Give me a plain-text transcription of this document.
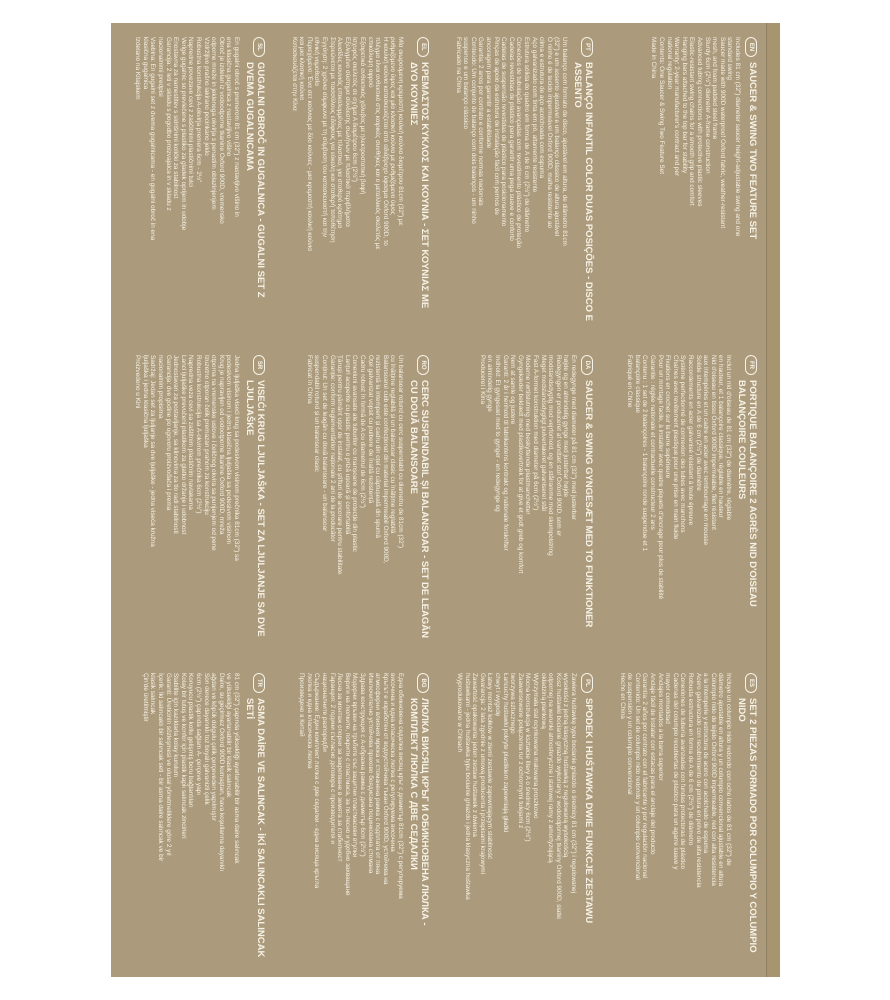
EN
SAUCER & SWING TWO FEATURE SET
Includes 81 cm (32") diameter saucer height-adjustable swing and one
standard swing
Saucer made with 900D waterproof Oxford fabric, weather-resistant
mesh, and foam padded steel frame
Sturdy 6cm (2½") diameter A-frame construction
Advanced tubing connections with protective plastic sleeves
Elastic-resistant swing chains for a smooth grip and comfort
Hanging bars attached to the top bar for stability
Warranty: 2-year manufacturer's contract and per
national regulation
Contents: One Saucer & Swing Two Feature Set
Made in China
FR
PORTIQUE BALANÇOIRE 2 AGRÈS NID D'OISEAU BALANÇOIRE COULEURS
Inclut un nid d'oiseau de 81 cm (32") de diamètre, réglable
en hauteur, et 1 balançoire classique, réglable en hauteur
Nid d'oiseau en tissu Oxford 900D imperméable, filet résistant
aux intempéries et un cadre en acier avec rembourrage en mousse
Solide structure en A de 6 cm (2½") de diamètre
Raccordements en acier galvanisé résistant à toute épreuve
Système perfectionné de connexion des tubes avec manchons
Chaînes avec revêtement plastique pour une prise en main fluide
Fixations en crochet sur la barre supérieure
Pour un montage facile, à installer avec quatre piquets d'ancrage pour plus de stabilité
Garantie : réglée nationale et contractuelle constructeur 2 ans
Contenu : 1 set de 2 balançoires - 1 balançoire ronde suspendue et 1
balançoire classique
Fabriqué en Chine
ES
SET 2 PIEZAS FORMADO POR COLUMPIO Y COLUMPIO NIDO
Incluye un columpio nido redondo con ocho lados de 81 cm (32") de
diámetro ajustable en altura y un columpio convencional ajustable en altura
Columpio nido de tejido Oxford 900D impermeable, red con alta resistencia
a la intemperie y estructura de acero con acolchado de espuma
Acero galvanizado con recubrimiento de pintura en polvo de alta resistencia
Robusta estructura en forma de A de 6 cm (2½") de diámetro
Conexiones de tubería avanzadas con fundas protectoras de plástico
Cadenas del columpio recubiertas de plástico para un agarre suave y
mayor comodidad
Anclajes montados a la barra superior
Anclaje fácil de instalar con estacas para el anclaje del producto
Garantía: 2 años por contrato con el fabricante y por regulación nacional
Contenido: Un set de columpio nido redondo y un columpio convencional
de suspensión y un columpio convencional
Hecho en China
PT
BALANÇO INFANTIL COLOR DUAS POSIÇÕES - DISCO E ASSENTO
Um balanço com formato de disco, ajustável em altura, de diâmetro 81cm
(32") e um assento ajustável e um balanço clássico de altura ajustável
O ninho é de tecido impermeável Oxford 900D, malha resistente ao
clima e estrutura de aço acolchoada com espuma
Aço galvanizado com tinta em pó, altamente resistente
Estrutura sólida do quadro em forma de A de 6 cm (2½") de diâmetro
Conexões de tubulação avançadas com revestimento plástico de proteção
Cadeias revestidas de plástico para garantir uma pega suave e conforto
Cadeias de suspensão revestidas de plástico para posicionamento
Pinças de apoio da estrutura de instalação fácil com pernos de
ancoragem para garantir a estabilidade
Garantia: 2 anos por contrato e conforme normas nacionais
Conteúdo: Um conjunto de balanço com dois balanços - um ninho
suspenso e um balanço clássico
Fabricado na China
DA
SAUCER & SWING GYNGESÆT MED TO FUNKTIONER
En redegynge med diameter på 81 cm (32") med justerbar
højde og en almindelig gynge med justerbar højde
Redegyngen er produceret af vandtæt stof Oxford 900D, som er
modstandsdygtig mod vejrforhold, og en stålramme med skumpolstring
Meget modstandsdygtigt pulverlakeret galvaniseret stål
Fast A-formet konstruktion med diameter på 6cm (2½")
Moderne rørtilslutning med beskyttende plastmanchetter
Gyngekæder beklædt med plastikovertræk for at give et godt greb og komfort
Nem at samle og justere
Garanti: 2 år i henhold til fabrikantens kontrakt og nationale forskrifter
Indhold: Et gyngesæt med to gynger - en redegynge og
en almindelig gynge
Produceret i Kina
PL
SPODEK I HUŚTAWKA DWIE FUNKCJE ZESTAWU
Zawiera huśtawkę typu bocianie gniazdo o średnicy 81 cm (32") i regulowanej
wysokości z jedną klasyczną huśtawką z regulowaną wysokością
Kosz huśtawki bocianie gniazdo wykonany z wodoodpornej tkaniny Oxford 900D, siatki
odpornej na warunki atmosferyczne i stalowej ramy z amortyzującą
okładziną piankową
Wytrzymała stal ocynkowana malowana proszkowo
Mocna konstrukcja w kształcie litery A o średnicy 6cm (2½")
Zaawansowane połączenia rur z ochronnymi tulejami z
tworzywa sztucznego
Łańcuchy huśtawki pokryte plastikiem zapewniają gładki
chwyt i wygodę
Łatwy montaż kołków w ziemi zestawie zapewniającym stabilność
Gwarancja: 2 lata zgodnie z umową producenta i przepisami krajowymi
Zawartość opakowania: jeden zestaw huśtawek z dwiema
huśtawkami - jedna huśtawka typu bocianie gniazdo i jedna klasyczna huśtawka
Wyprodukowano w Chinach
EL
ΚΡΕΜΑΣΤΟΣ ΚΥΚΛΟΣ ΚΑΙ ΚΟΥΝΙΑ - ΣΕΤ ΚΟΥΝΙΑΣ ΜΕ ΔΥΟ ΚΟΥΝΙΕΣ
Μία αιωρούμενη κρεμαστή κουλκή κούνια διαμέτρου 81cm (32") με
ρυθμιζόμενο ύψος και μία κλασική κούνια με ρυθμιζόμενο ύψος
Η κουλκή κούνια κατασκευάζεται από αδιάβροχο ύφασμα Oxford 900D, το
πλέγμα είναι ανθεκτικό στις καιρικές συνθήκες και ο μεταλλικός σκελετός με
επικάλυψη αφρού
Εξαιρετικά ανθεκτικός χάλυβας με ηλεκτροστατική βαφή
Ισχυρός σκελετός σε σχήμα Α διαμέτρου 6cm (2½")
Εξελιγμένο σύστημα σύνδεσης σωλήνων με πλαστικά περιβλήματα
Αλυσίδες κουνιάς επικαλυμμένες με πλαστικό, για σταθερό κράτημα
Στερεώνεται με πασσάλους εδάφους για εύκολη και σταθερή τοποθέτηση
Εγγύηση: 2 χρόνια σύμφωνα με τη σύμβαση του κατασκευαστή και την
εθνική νομοθεσία
Περιεχόμενο: Ένα σετ κούνιας με δύο κούνιες - μια κρεμαστή κουλκή κούνια
και μια κλασική κούνια
Κατασκευάζεται στην Κίνα
RO
CERC SUSPENDABIL ȘI BALANSOAR - SET DE LEAGĂN CU DOUĂ BALANSOARE
Un balansoar rotund cu cerc suspendabil cu diametru de 81cm (32")
cu înălțime reglabilă și un balansoar clasic cu înălțime reglabilă
Balansoarul cuib este confecționat din material impermeabil Oxford 900D,
rezistentă la intemperii și cadru din oțel cu căptușeală din spumă
Oțel galvanizat vopsit cu pulbere de înaltă rezistență
Cadru robust în formă de A cu diametrul de 6cm (2½")
Conexiuni avansate ale tuburilor cu manșoane de protecție din plastic
Lanțuri acoperite cu plastic pentru o priză ușoară și confortabilă
Țăruși pentru pământ ușor de instalat, cu știfturi de ancorare pentru stabilitate
Garanție: conform reglementărilor naționale 2 ani de la producător
Conținut: Un set de leagăn cu două balansoare - un balansoar
suspendabil rotund și un balansoar clasic
Fabricat în China
BG
ЛЮЛКА ВИСЯЩ КРЪГ И ОБИКНОВЕНА ЛЮЛКА - КОМПЛЕКТ ЛЮЛКА С ДВЕ СЕДАЛКИ
Една обикновена седалка висящ кръг с диаметър 81cm (32") с регулируема
височина и една класическа люлка с регулируема височина
Кръгът е изработен от водоустойчива тъкан Oxford 900D, устойчива на
атмосферни влияния мрежа и стоманена рамка с подплата от пяна
Изключително устойчива прахово боядисана поцинкована стомана
Здрава конструкция с А-образна рамка с диаметър 6cm (2½")
Модерни връзки на тръбите със защитни пластмасови втулки
Вериги на люлките, покрити с пластмаса, за по-лесно и удобно захващане
Лесна за монтаж опорни за закрепване в земята за стабилност
Гаранция: 2 години съгласно договора с производителя и
националните разпоредби
Съдържание: Един комплект люлка с две седалки - една висяща кръгла
люлка и една класическа люлка
Произведено в Китай
SL
GUGALNI OBROČ IN GUGALNICA - GUGALNI SET Z DVEMA GUGALNICAMA
En gugalni obroč s premerom 81 cm (32") z nastavljivo višino in
ena klasična gugalnica z nastavljivo višino
Obroč je izdelan iz vodoodporne tkanine Oxford 900D, vremensko
odporne mreže in jeklenega okvirja s penastim oblazinjenjem
Vzdržljivo prašno lakirano pocinkano jeklo
Robustna konstrukcija A-okvirja premera 6cm - 2½"
Napredne povezave cevi z zaščitnimi plastičnimi tulci
Verige gugalnic so prevlečene s plastiko za gladek oprijem in udobje
Enostavna za namestitev s sidrišnimi količki za stabilnost
Garancija: 2 leti v skladu s pogodbo proizvajalca in v skladu z
nacionalnimi predpisi
Vsebina: En gugalni set z dvema gugalnicama - en gugalni obroč in ena
klasična gugalnica
Izdelano na Kitajskem
SR
VISEĆI KRUG LJULJAŠKA - SET ZA LJULJANJE SA DVE LJULJAŠKE
Jedna ljuljaška viseći krug sa podesivom visinom prečnika 81cm (32") sa
podesivom visinom i jedna klasična ljuljaška sa podesivom visinom
Krug je napravljen od vodootporne tkanine Oxford 900D, mreža
otporna na vremenske uslove i čeličnog okvira sa punjenjem od pene
Izuzetno otporan čelik premazan prahom za konstrukciju
Robustna konstrukcija sa A-okvirom prečnika 6cm (2½")
Napredna veza cevi sa zaštitnim plastičnim navlakama
Lanci ljuljaške prevučeni plastikom za glatko držanje i udobnost
Jednostavan za postavljanje, sa klinovima za tlo radi stabilnosti
Garancija: dve godine po ugovoru proizvođača i prema
nacionalnim propisima
Sadržaj: Jedan set za ljuljanje sa dve ljuljaške - jedna viseća kružna
ljuljaška i jedna klasična ljuljaška
Proizvedeno u Kini
TR
ASMA DAİRE VE SALINCAK - İKİ SALINCAKLI SALINCAK SETİ
81 cm (32") çapında yüksekliği ayarlanabilir bir asma daire salıncak
ve yüksekliği ayarlanabilir bir klasik salıncak
Daire, su geçirmez Oxford 900D kumaştan, hava koşullarına dayanıklı
ağdan ve köpük dolgulu çelik çerçeveden yapılmıştır
Son derece dayanıklı toz boyalı galvanizli çelik
6cm (2½") çapında sağlam A- çerçeve yapı
Koruyucu plastik kollu gelişmiş boru bağlantıları
Kolay bir tutuş ve konfor için plastik kaplı salıncak zincirleri
Stabilite için kazıklarla kolay kurulum
Garanti: Üreticinin sözleşmesi ve ulusal yönetmeliklere göre 2 yıl
İçerik: İki salıncaklı bir salıncak seti - bir asma daire salıncak ve bir
klasik salıncak
Çin'de üretilmiştir
